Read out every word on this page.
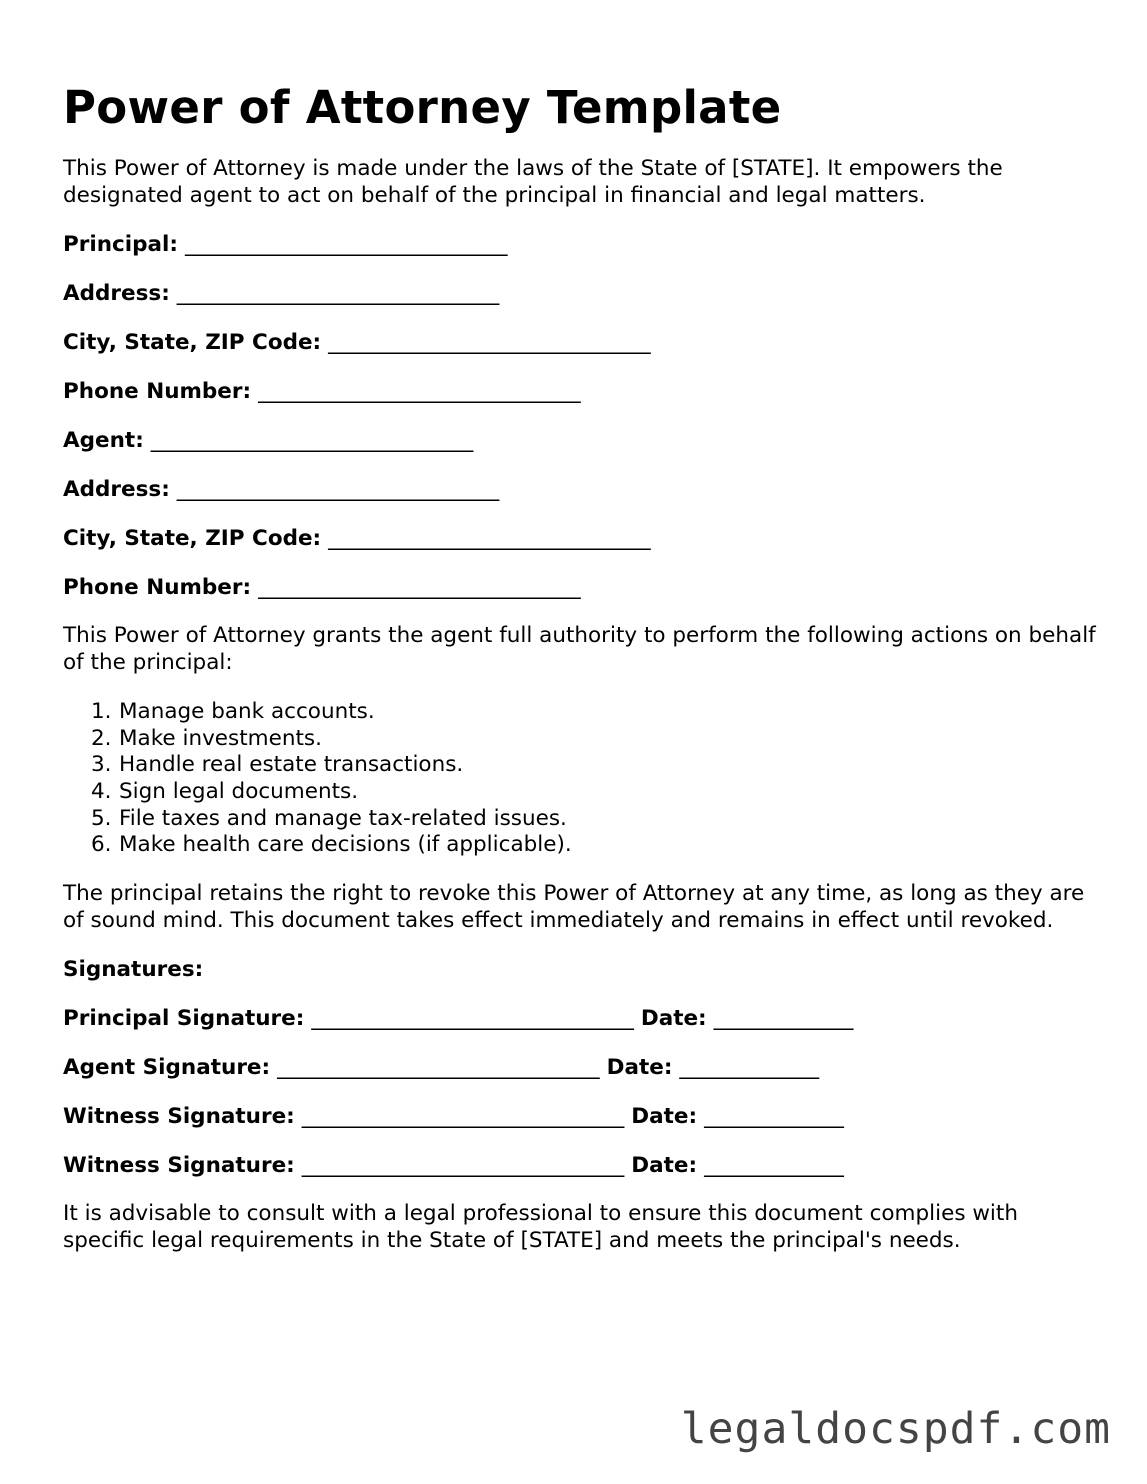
Power of Attorney Template

This Power of Attorney is made under the laws of the State of [STATE]. It empowers the designated agent to act on behalf of the principal in financial and legal matters.

Principal: ______________________________
Address: ______________________________
City, State, ZIP Code: ______________________________
Phone Number: ______________________________
Agent: ______________________________
Address: ______________________________
City, State, ZIP Code: ______________________________
Phone Number: ______________________________

This Power of Attorney grants the agent full authority to perform the following actions on behalf of the principal:

1. Manage bank accounts.
2. Make investments.
3. Handle real estate transactions.
4. Sign legal documents.
5. File taxes and manage tax-related issues.
6. Make health care decisions (if applicable).

The principal retains the right to revoke this Power of Attorney at any time, as long as they are of sound mind. This document takes effect immediately and remains in effect until revoked.

Signatures:
Principal Signature: ______________________________ Date: _____________
Agent Signature: ______________________________ Date: _____________
Witness Signature: ______________________________ Date: _____________
Witness Signature: ______________________________ Date: _____________

It is advisable to consult with a legal professional to ensure this document complies with specific legal requirements in the State of [STATE] and meets the principal's needs.

legaldocspdf.com
